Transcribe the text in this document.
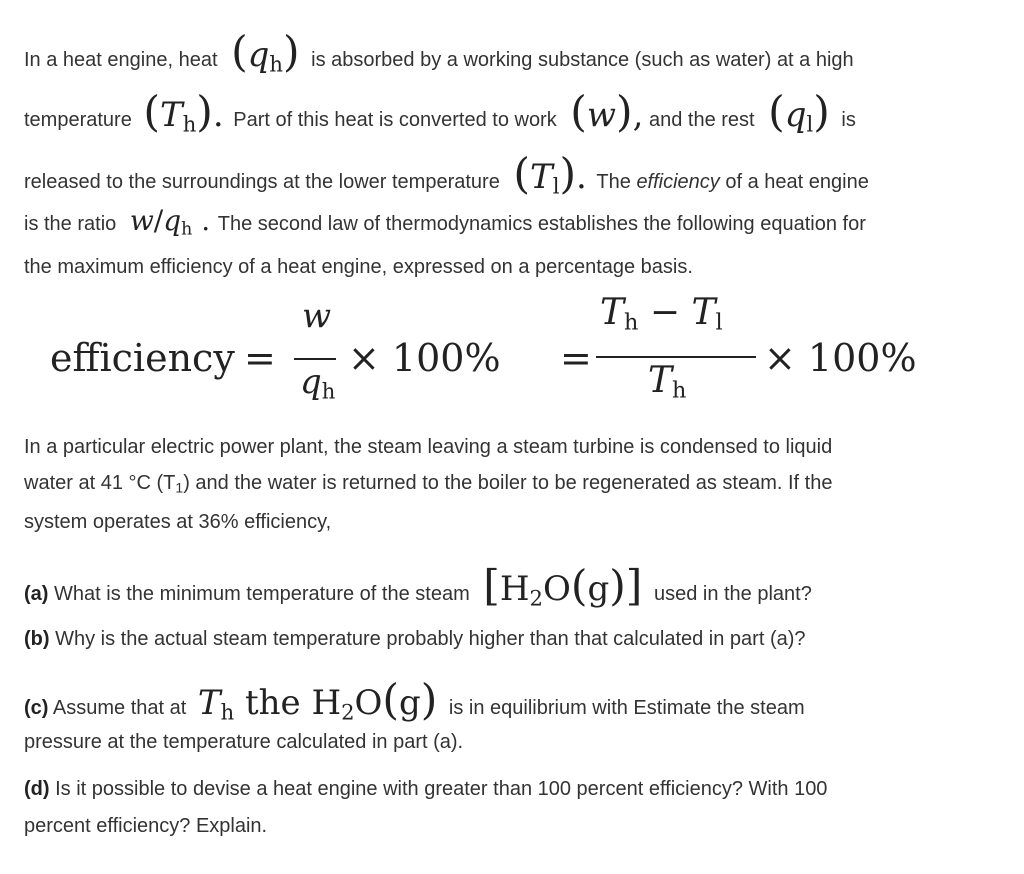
In a heat engine, heat $(q_h)$ is absorbed by a working substance (such as water) at a high
temperature $(T_h)$. Part of this heat is converted to work (w), and the rest $(q_l)$ is
released to the surroundings at the lower temperature $(T_l)$. The efficiency of a heat engine
is the ratio $w/q_h$ . The second law of thermodynamics establishes the following equation for
the maximum efficiency of a heat engine, expressed on a percentage basis.
efficiency =
w
$q_h$
× 100% =
$T_h - T_l$
$T_h$
× 100%
In a particular electric power plant, the steam leaving a steam turbine is condensed to liquid
water at 41 °C $(T_1)$ and the water is returned to the boiler to be regenerated as steam. If the
system operates at 36% efficiency,
(a) What is the minimum temperature of the steam $[H_2O(g)]$ used in the plant?
(b) Why is the actual steam temperature probably higher than that calculated in part (a)?
(c) Assume that at $T_h$ the $H_2O(g)$ is in equilibrium with Estimate the steam
pressure at the temperature calculated in part (a).
(d) Is it possible to devise a heat engine with greater than 100 percent efficiency? With 100
percent efficiency? Explain.
